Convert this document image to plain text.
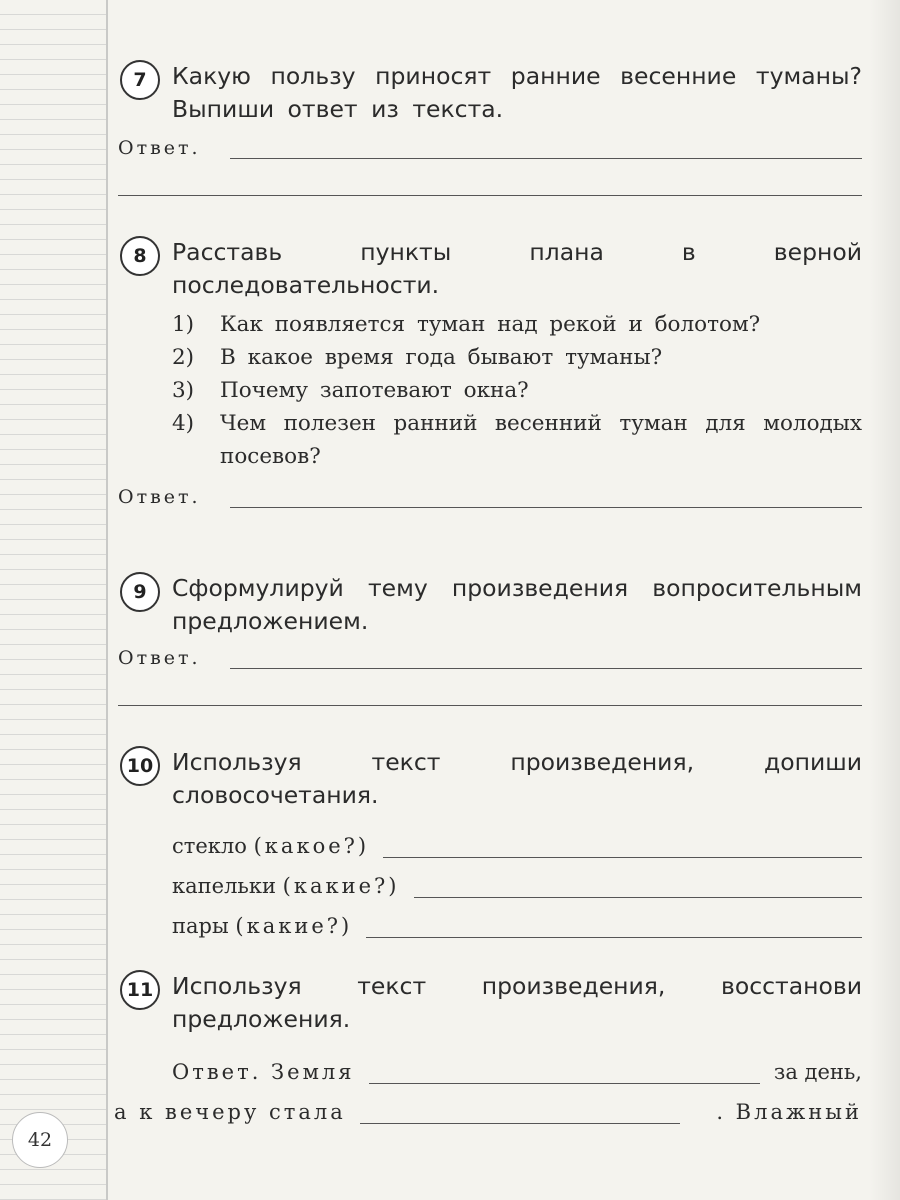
7	Какую пользу приносят ранние весенние туманы? Выпиши ответ из текста.
Ответ.
8	Расставь пункты плана в верной последовательности.
1)	Как появляется туман над рекой и болотом?
2)	В какое время года бывают туманы?
3)	Почему запотевают окна?
4)	Чем полезен ранний весенний туман для молодых посевов?
Ответ.
9	Сформулируй тему произведения вопросительным предложением.
Ответ.
10 Используя текст произведения, допиши словосочетания.
стекло
(какое?)
капельки
(какие?)
пары
(какие?)
11 Используя текст произведения, восстанови предложения.
Ответ. Земля	за день,
а к вечеру стала	. Влажный
42
